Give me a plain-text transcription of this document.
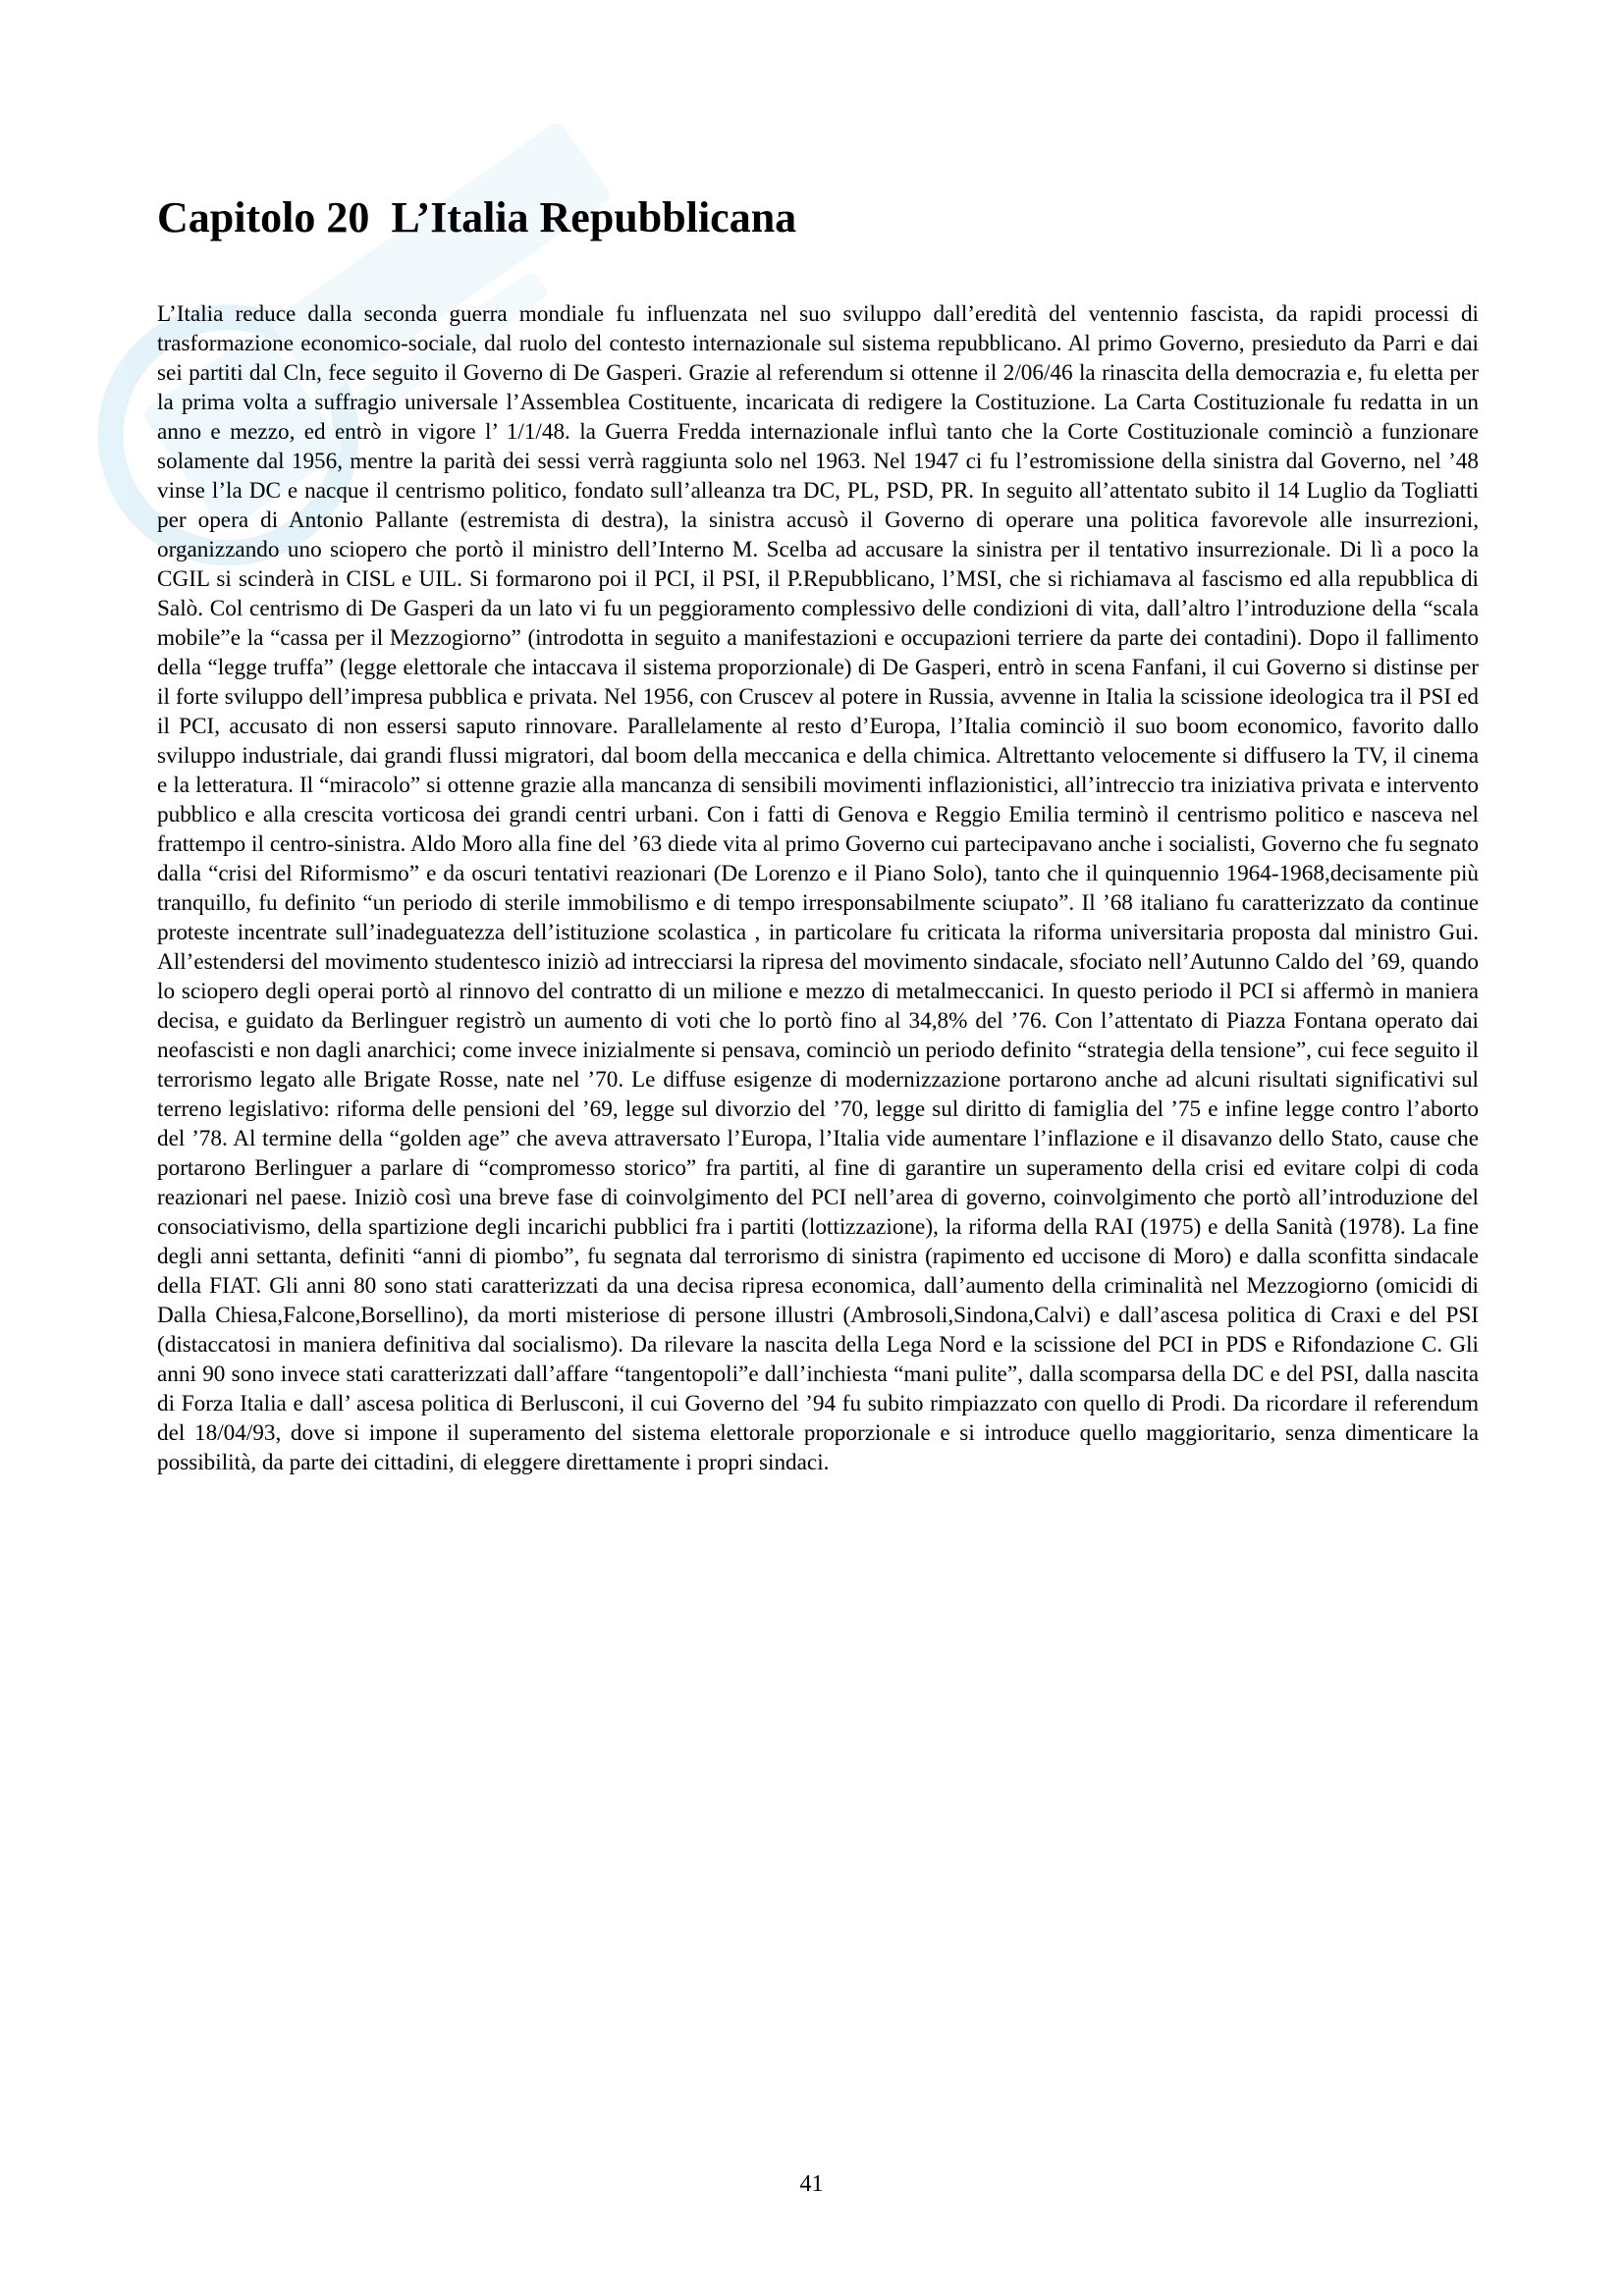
Capitolo 20  L’Italia Repubblicana

L’Italia reduce dalla seconda guerra mondiale fu influenzata nel suo sviluppo dall’eredità del ventennio fascista, da rapidi processi di trasformazione economico-sociale, dal ruolo del contesto internazionale sul sistema repubblicano. Al primo Governo, presieduto da Parri e dai sei partiti dal Cln, fece seguito il Governo di De Gasperi. Grazie al referendum si ottenne il 2/06/46 la rinascita della democrazia e, fu eletta per la prima volta a suffragio universale l’Assemblea Costituente, incaricata di redigere la Costituzione. La Carta Costituzionale fu redatta in un anno e mezzo, ed entrò in vigore l’ 1/1/48. la Guerra Fredda internazionale influì tanto che la Corte Costituzionale cominciò a funzionare solamente dal 1956, mentre la parità dei sessi verrà raggiunta solo nel 1963. Nel 1947 ci fu l’estromissione della sinistra dal Governo, nel ’48 vinse l’la DC e nacque il centrismo politico, fondato sull’alleanza tra DC, PL, PSD, PR. In seguito all’attentato subito il 14 Luglio da Togliatti per opera di Antonio Pallante (estremista di destra), la sinistra accusò il Governo di operare una politica favorevole alle insurrezioni, organizzando uno sciopero che portò il ministro dell’Interno M. Scelba ad accusare la sinistra per il tentativo insurrezionale. Di lì a poco la CGIL si scinderà in CISL e UIL. Si formarono poi il PCI, il PSI, il P.Repubblicano, l’MSI, che si richiamava al fascismo ed alla repubblica di Salò. Col centrismo di De Gasperi da un lato vi fu un peggioramento complessivo delle condizioni di vita, dall’altro l’introduzione della “scala mobile”e la “cassa per il Mezzogiorno” (introdotta in seguito a manifestazioni e occupazioni terriere da parte dei contadini). Dopo il fallimento della “legge truffa” (legge elettorale che intaccava il sistema proporzionale) di De Gasperi, entrò in scena Fanfani, il cui Governo si distinse per il forte sviluppo dell’impresa pubblica e privata. Nel 1956, con Cruscev al potere in Russia, avvenne in Italia la scissione ideologica tra il PSI ed il PCI, accusato di non essersi saputo rinnovare. Parallelamente al resto d’Europa, l’Italia cominciò il suo boom economico, favorito dallo sviluppo industriale, dai grandi flussi migratori, dal boom della meccanica e della chimica. Altrettanto velocemente si diffusero la TV, il cinema e la letteratura. Il “miracolo” si ottenne grazie alla mancanza di sensibili movimenti inflazionistici, all’intreccio tra iniziativa privata e intervento pubblico e alla crescita vorticosa dei grandi centri urbani. Con i fatti di Genova e Reggio Emilia terminò il centrismo politico e nasceva nel frattempo il centro-sinistra. Aldo Moro alla fine del ’63 diede vita al primo Governo cui partecipavano anche i socialisti, Governo che fu segnato dalla “crisi del Riformismo” e da oscuri tentativi reazionari (De Lorenzo e il Piano Solo), tanto che il quinquennio 1964-1968,decisamente più tranquillo, fu definito “un periodo di sterile immobilismo e di tempo irresponsabilmente sciupato”. Il ’68 italiano fu caratterizzato da continue proteste incentrate sull’inadeguatezza dell’istituzione scolastica , in particolare fu criticata la riforma universitaria proposta dal ministro Gui. All’estendersi del movimento studentesco iniziò ad intrecciarsi la ripresa del movimento sindacale, sfociato nell’Autunno Caldo del ’69, quando lo sciopero degli operai portò al rinnovo del contratto di un milione e mezzo di metalmeccanici. In questo periodo il PCI si affermò in maniera decisa, e guidato da Berlinguer registrò un aumento di voti che lo portò fino al 34,8% del ’76. Con l’attentato di Piazza Fontana operato dai neofascisti e non dagli anarchici; come invece inizialmente si pensava, cominciò un periodo definito “strategia della tensione”, cui fece seguito il terrorismo legato alle Brigate Rosse, nate nel ’70. Le diffuse esigenze di modernizzazione portarono anche ad alcuni risultati significativi sul terreno legislativo: riforma delle pensioni del ’69, legge sul divorzio del ’70, legge sul diritto di famiglia del ’75 e infine legge contro l’aborto del ’78. Al termine della “golden age” che aveva attraversato l’Europa, l’Italia vide aumentare l’inflazione e il disavanzo dello Stato, cause che portarono Berlinguer a parlare di “compromesso storico” fra partiti, al fine di garantire un superamento della crisi ed evitare colpi di coda reazionari nel paese. Iniziò così una breve fase di coinvolgimento del PCI nell’area di governo, coinvolgimento che portò all’introduzione del consociativismo, della spartizione degli incarichi pubblici fra i partiti (lottizzazione), la riforma della RAI (1975) e della Sanità (1978). La fine degli anni settanta, definiti “anni di piombo”, fu segnata dal terrorismo di sinistra (rapimento ed uccisone di Moro) e dalla sconfitta sindacale della FIAT. Gli anni 80 sono stati caratterizzati da una decisa ripresa economica, dall’aumento della criminalità nel Mezzogiorno (omicidi di Dalla Chiesa,Falcone,Borsellino), da morti misteriose di persone illustri (Ambrosoli,Sindona,Calvi) e dall’ascesa politica di Craxi e del PSI (distaccatosi in maniera definitiva dal socialismo). Da rilevare la nascita della Lega Nord e la scissione del PCI in PDS e Rifondazione C. Gli anni 90 sono invece stati caratterizzati dall’affare “tangentopoli”e dall’inchiesta “mani pulite”, dalla scomparsa della DC e del PSI, dalla nascita di Forza Italia e dall’ ascesa politica di Berlusconi, il cui Governo del ’94 fu subito rimpiazzato con quello di Prodi. Da ricordare il referendum del 18/04/93, dove si impone il superamento del sistema elettorale proporzionale e si introduce quello maggioritario, senza dimenticare la possibilità, da parte dei cittadini, di eleggere direttamente i propri sindaci.

41
